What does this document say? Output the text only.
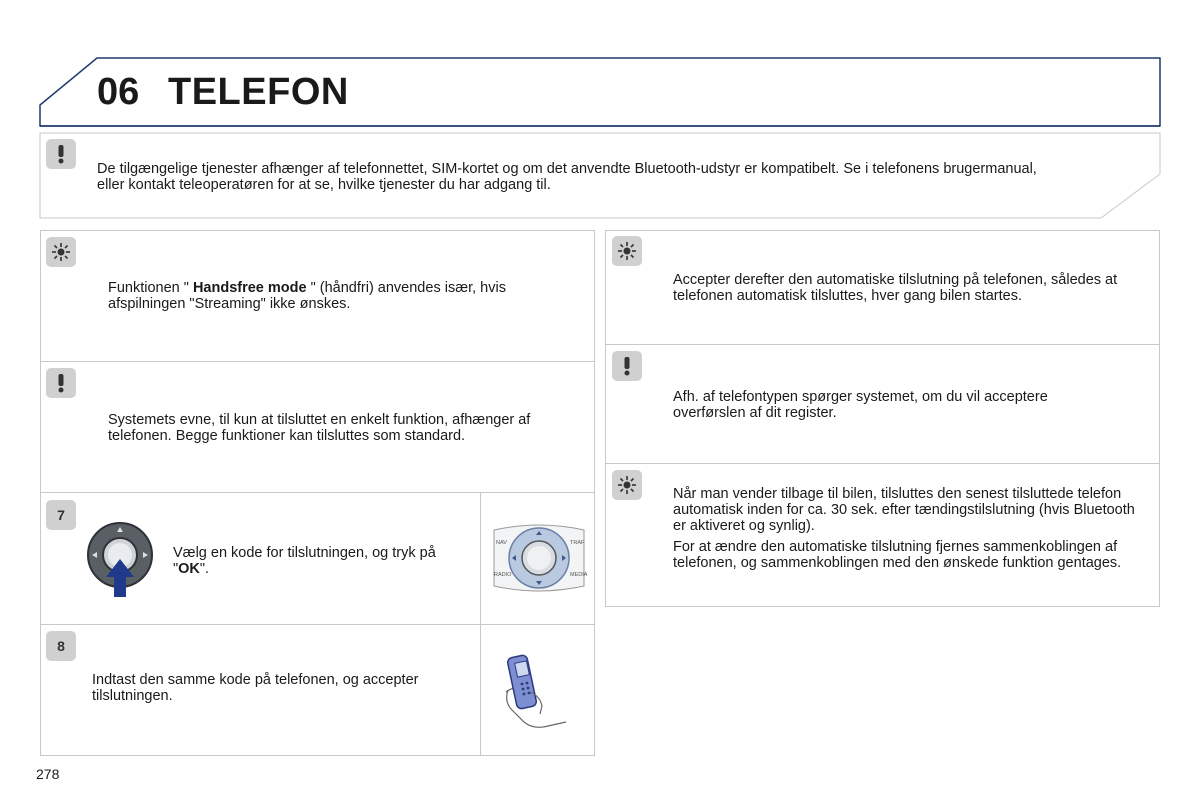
06 TELEFON
De tilgængelige tjenester afhænger af telefonnettet, SIM-kortet og om det anvendte Bluetooth-udstyr er kompatibelt. Se i telefonens brugermanual, eller kontakt teleoperatøren for at se, hvilke tjenester du har adgang til.
Funktionen " Handsfree mode " (håndfri) anvendes især, hvis afspilningen "Streaming" ikke ønskes.
Systemets evne, til kun at tilsluttet en enkelt funktion, afhænger af telefonen. Begge funktioner kan tilsluttes som standard.
7
Vælg en kode for tilslutningen, og tryk på "OK".
NAV	TRAF
RADIO	MEDIA
8
Indtast den samme kode på telefonen, og accepter tilslutningen.
Accepter derefter den automatiske tilslutning på telefonen, således at telefonen automatisk tilsluttes, hver gang bilen startes.
Afh. af telefontypen spørger systemet, om du vil acceptere overførslen af dit register.
Når man vender tilbage til bilen, tilsluttes den senest tilsluttede telefon automatisk inden for ca. 30 sek. efter tændingstilslutning (hvis Bluetooth er aktiveret og synlig).
For at ændre den automatiske tilslutning fjernes sammenkoblingen af telefonen, og sammenkoblingen med den ønskede funktion gentages.
278
